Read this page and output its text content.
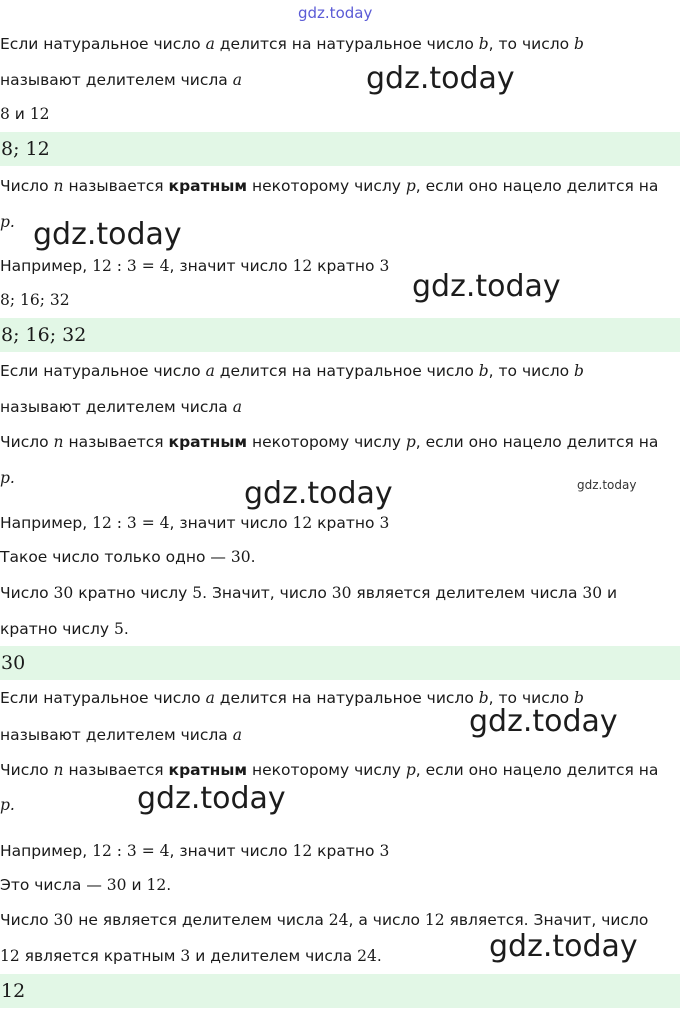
gdz.today
gdz.today
gdz.today
gdz.today
gdz.today	gdz.today
gdz.today
gdz.today
gdz.today
Если натуральное число a делится на натуральное число b, то число b
называют делителем числа a
8 и 12
8; 12
Число n называется кратным некоторому числу p, если оно нацело делится на
p.
Например, 12 : 3 = 4, значит число 12 кратно 3
8; 16; 32
8; 16; 32
Если натуральное число a делится на натуральное число b, то число b
называют делителем числа a
Число n называется кратным некоторому числу p, если оно нацело делится на
p.
Например, 12 : 3 = 4, значит число 12 кратно 3
Такое число только одно — 30.
Число 30 кратно числу 5. Значит, число 30 является делителем числа 30 и
кратно числу 5.
30
Если натуральное число a делится на натуральное число b, то число b
называют делителем числа a
Число n называется кратным некоторому числу p, если оно нацело делится на
p.
Например, 12 : 3 = 4, значит число 12 кратно 3
Это числа — 30 и 12.
Число 30 не является делителем числа 24, а число 12 является. Значит, число
12 является кратным 3 и делителем числа 24.
12
